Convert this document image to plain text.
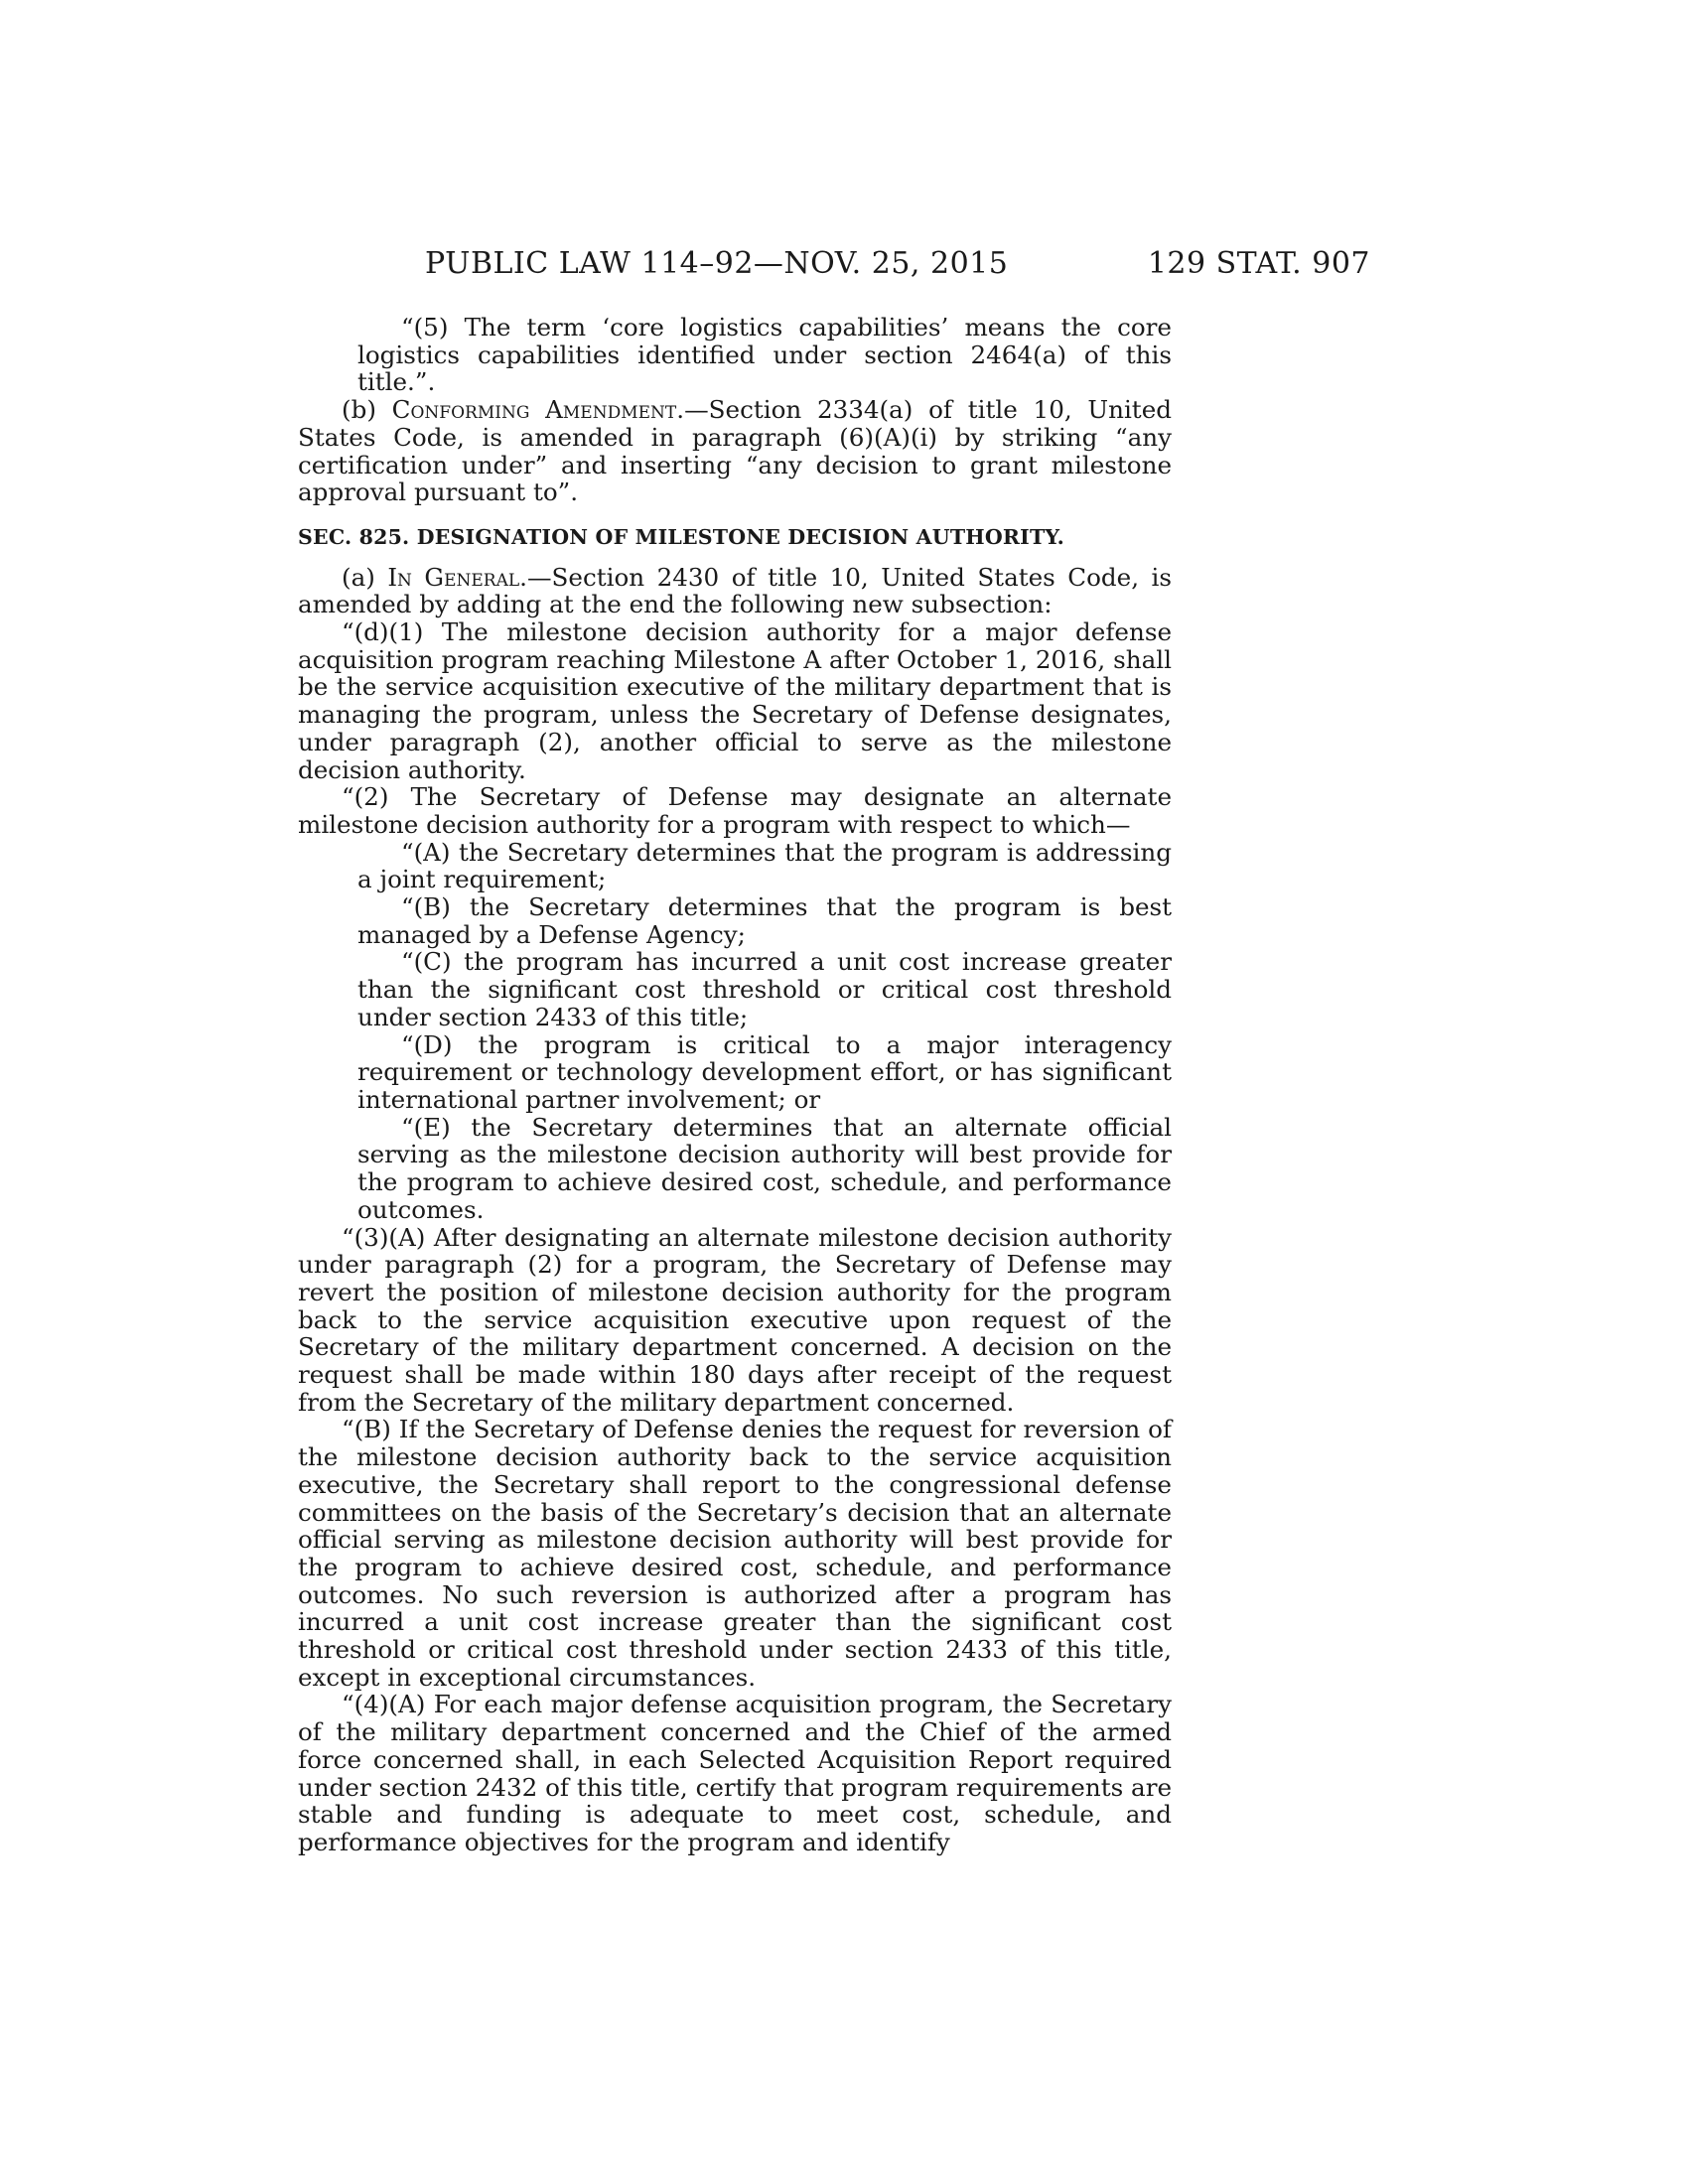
PUBLIC LAW 114–92—NOV. 25, 2015	129 STAT. 907

“(5) The term ‘core logistics capabilities’ means the core logistics capabilities identified under section 2464(a) of this title.”.

(b) Conforming Amendment.—Section 2334(a) of title 10, United States Code, is amended in paragraph (6)(A)(i) by striking “any certification under” and inserting “any decision to grant milestone approval pursuant to”.

SEC. 825. DESIGNATION OF MILESTONE DECISION AUTHORITY.

(a) In General.—Section 2430 of title 10, United States Code, is amended by adding at the end the following new subsection:

“(d)(1) The milestone decision authority for a major defense acquisition program reaching Milestone A after October 1, 2016, shall be the service acquisition executive of the military department that is managing the program, unless the Secretary of Defense designates, under paragraph (2), another official to serve as the milestone decision authority.

“(2) The Secretary of Defense may designate an alternate milestone decision authority for a program with respect to which—

“(A) the Secretary determines that the program is addressing a joint requirement;

“(B) the Secretary determines that the program is best managed by a Defense Agency;

“(C) the program has incurred a unit cost increase greater than the significant cost threshold or critical cost threshold under section 2433 of this title;

“(D) the program is critical to a major interagency requirement or technology development effort, or has significant international partner involvement; or

“(E) the Secretary determines that an alternate official serving as the milestone decision authority will best provide for the program to achieve desired cost, schedule, and performance outcomes.

“(3)(A) After designating an alternate milestone decision authority under paragraph (2) for a program, the Secretary of Defense may revert the position of milestone decision authority for the program back to the service acquisition executive upon request of the Secretary of the military department concerned. A decision on the request shall be made within 180 days after receipt of the request from the Secretary of the military department concerned.

“(B) If the Secretary of Defense denies the request for reversion of the milestone decision authority back to the service acquisition executive, the Secretary shall report to the congressional defense committees on the basis of the Secretary’s decision that an alternate official serving as milestone decision authority will best provide for the program to achieve desired cost, schedule, and performance outcomes. No such reversion is authorized after a program has incurred a unit cost increase greater than the significant cost threshold or critical cost threshold under section 2433 of this title, except in exceptional circumstances.

“(4)(A) For each major defense acquisition program, the Secretary of the military department concerned and the Chief of the armed force concerned shall, in each Selected Acquisition Report required under section 2432 of this title, certify that program requirements are stable and funding is adequate to meet cost, schedule, and performance objectives for the program and identify
